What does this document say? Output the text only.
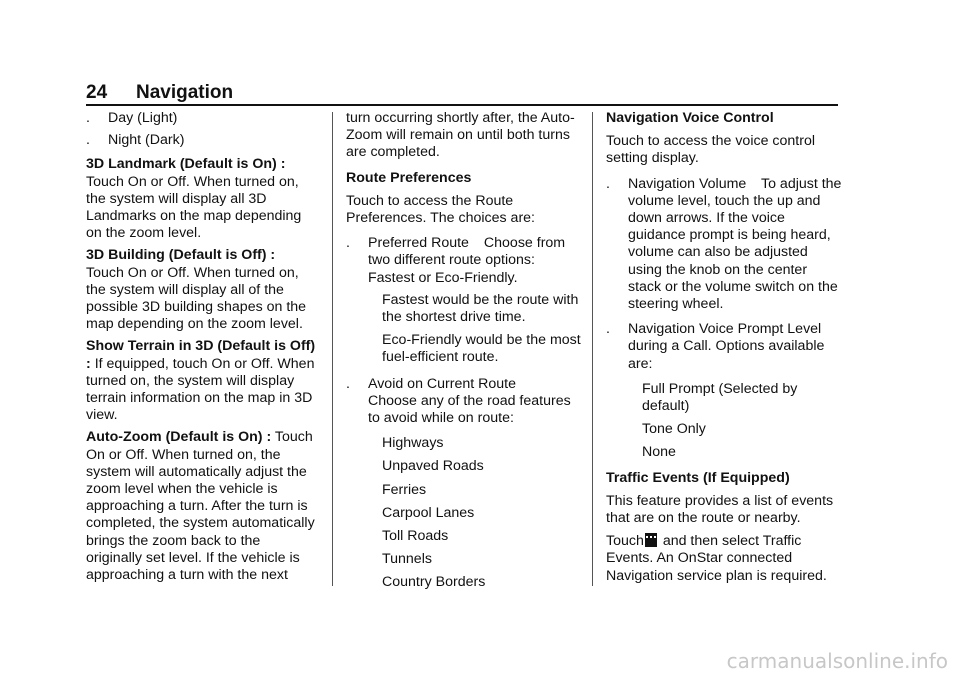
24 Navigation
. Day (Light)
. Night (Dark)

3D Landmark (Default is On) :
Touch On or Off. When turned on, the system will display all 3D Landmarks on the map depending on the zoom level.

3D Building (Default is Off) :
Touch On or Off. When turned on, the system will display all of the possible 3D building shapes on the map depending on the zoom level.

Show Terrain in 3D (Default is Off) : If equipped, touch On or Off. When turned on, the system will display terrain information on the map in 3D view.

Auto-Zoom (Default is On) : Touch On or Off. When turned on, the system will automatically adjust the zoom level when the vehicle is approaching a turn. After the turn is completed, the system automatically brings the zoom back to the originally set level. If the vehicle is approaching a turn with the next

turn occurring shortly after, the Auto-Zoom will remain on until both turns are completed.

Route Preferences

Touch to access the Route Preferences. The choices are:

. Preferred Route Choose from two different route options: Fastest or Eco-Friendly.
Fastest would be the route with the shortest drive time.
Eco-Friendly would be the most fuel-efficient route.
. Avoid on Current Route
Choose any of the road features to avoid while on route:
Highways
Unpaved Roads
Ferries
Carpool Lanes
Toll Roads
Tunnels
Country Borders
Navigation Voice Control

Touch to access the voice control setting display.

. Navigation Volume To adjust the volume level, touch the up and down arrows. If the voice guidance prompt is being heard, volume can also be adjusted using the knob on the center stack or the volume switch on the steering wheel.
. Navigation Voice Prompt Level during a Call. Options available are:
Full Prompt (Selected by default)
Tone Only
None
Traffic Events (If Equipped)

This feature provides a list of events that are on the route or nearby.

Touch and then select Traffic Events. An OnStar connected Navigation service plan is required.

carmanualsonline.info
